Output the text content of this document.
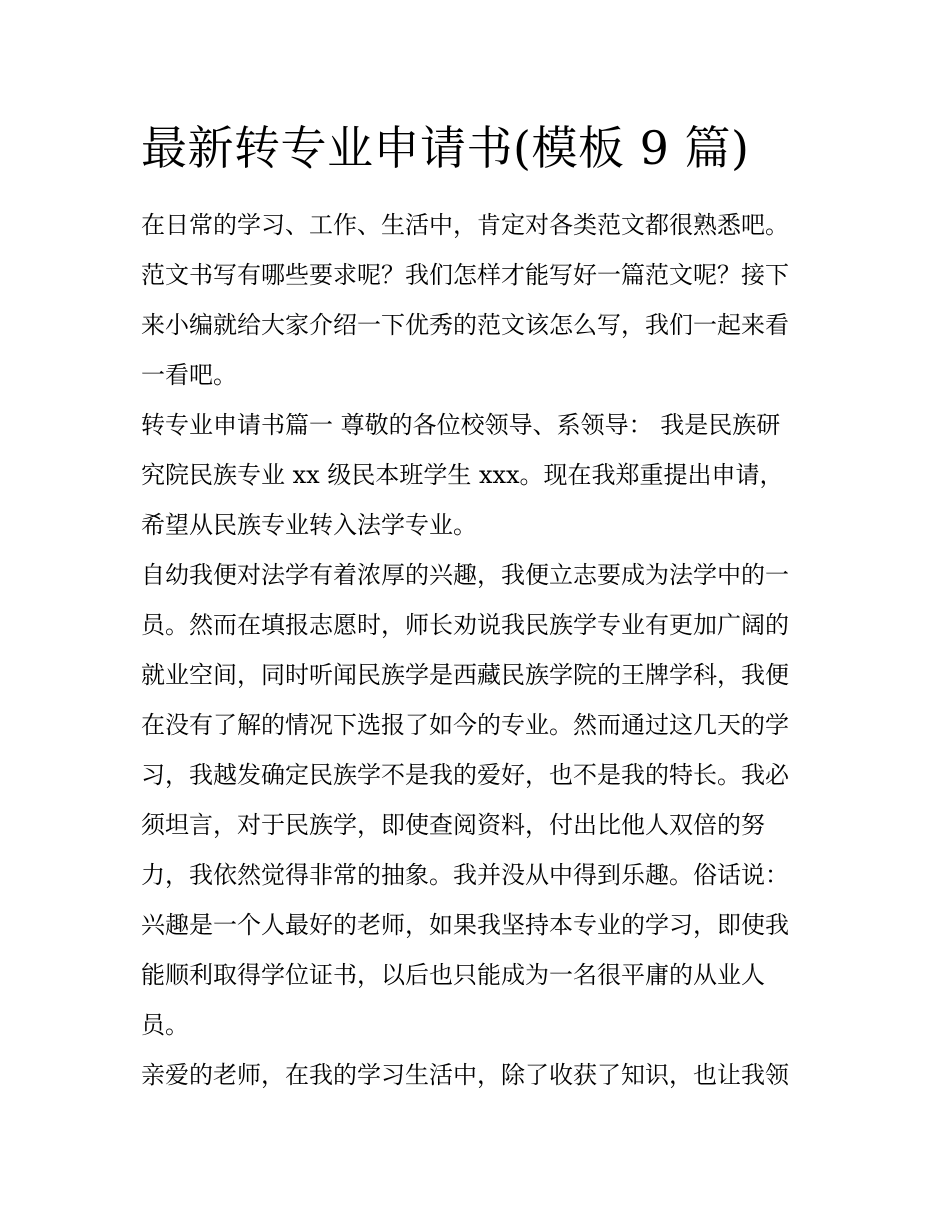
最新转专业申请书(模板 9 篇)
在日常的学习、工作、生活中，肯定对各类范文都很熟悉吧。
范文书写有哪些要求呢？我们怎样才能写好一篇范文呢？接下
来小编就给大家介绍一下优秀的范文该怎么写，我们一起来看
一看吧。
转专业申请书篇一 尊敬的各位校领导、系领导： 我是民族研
究院民族专业 xx 级民本班学生 xxx。现在我郑重提出申请，
希望从民族专业转入法学专业。
自幼我便对法学有着浓厚的兴趣，我便立志要成为法学中的一
员。然而在填报志愿时，师长劝说我民族学专业有更加广阔的
就业空间，同时听闻民族学是西藏民族学院的王牌学科，我便
在没有了解的情况下选报了如今的专业。然而通过这几天的学
习，我越发确定民族学不是我的爱好，也不是我的特长。我必
须坦言，对于民族学，即使查阅资料，付出比他人双倍的努
力，我依然觉得非常的抽象。我并没从中得到乐趣。俗话说：
兴趣是一个人最好的老师，如果我坚持本专业的学习，即使我
能顺利取得学位证书，以后也只能成为一名很平庸的从业人
员。
亲爱的老师，在我的学习生活中，除了收获了知识，也让我领
